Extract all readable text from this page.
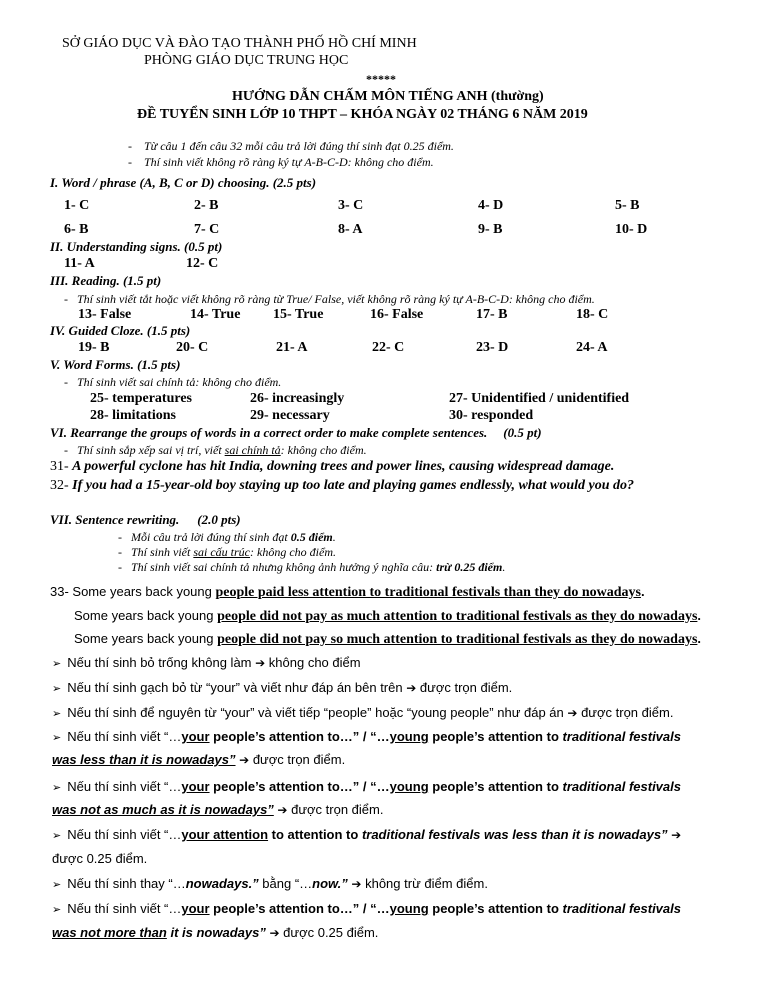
SỞ GIÁO DỤC VÀ ĐÀO TẠO THÀNH PHỐ HỒ CHÍ MINH
PHÒNG GIÁO DỤC TRUNG HỌC
*****
HƯỚNG DẪN CHẤM MÔN TIẾNG ANH (thường)
ĐỀ TUYỂN SINH LỚP 10 THPT – KHÓA NGÀY 02 THÁNG 6 NĂM 2019
-    Từ câu 1 đến câu 32 mỗi câu trả lời đúng thí sinh đạt 0.25 điểm.
-    Thí sinh viết không rõ ràng ký tự A-B-C-D: không cho điểm.
I. Word / phrase (A, B, C or D) choosing. (2.5 pts)
1- C	2- B	3- C	4- D	5- B
6- B	7- C	8- A	9- B	10- D
II. Understanding signs. (0.5 pt)
11- A	12- C
III. Reading. (1.5 pt)
-   Thí sinh viết tắt hoặc viết không rõ ràng từ True/ False, viết không rõ ràng ký tự A-B-C-D: không cho điểm.
13- False	14- True 15- True	16- False	17- B	18- C
IV. Guided Cloze. (1.5 pts)
19- B	20- C	21- A	22- C	23- D	24- A
V. Word Forms. (1.5 pts)
-   Thí sinh viết sai chính tả: không cho điểm.
25- temperatures	26- increasingly	27- Unidentified / unidentified
28- limitations	29- necessary	30- responded
VI. Rearrange the groups of words in a correct order to make complete sentences. (0.5 pt)
-   Thí sinh sắp xếp sai vị trí, viết sai chính tả: không cho điểm.
31- A powerful cyclone has hit India, downing trees and power lines, causing widespread damage.
32- If you had a 15-year-old boy staying up too late and playing games endlessly, what would you do?
VII. Sentence rewriting. (2.0 pts)
-   Mỗi câu trả lời đúng thí sinh đạt 0.5 điểm.
-   Thí sinh viết sai cấu trúc: không cho điểm.
-   Thí sinh viết sai chính tả nhưng không ảnh hưởng ý nghĩa câu: trừ 0.25 điểm.
33- Some years back young people paid less attention to traditional festivals than they do nowadays.
Some years back young people did not pay as much attention to traditional festivals as they do nowadays.
Some years back young people did not pay so much attention to traditional festivals as they do nowadays.
➢ Nếu thí sinh bỏ trống không làm ➔ không cho điểm
➢ Nếu thí sinh gạch bỏ từ “your” và viết như đáp án bên trên ➔ được trọn điểm.
➢ Nếu thí sinh để nguyên từ “your” và viết tiếp “people” hoặc “young people” như đáp án ➔ được trọn điểm.
➢ Nếu thí sinh viết “…your people’s attention to…” / “…young people’s attention to traditional festivals
was less than it is nowadays” ➔ được trọn điểm.
➢ Nếu thí sinh viết “…your people’s attention to…” / “…young people’s attention to traditional festivals
was not as much as it is nowadays” ➔ được trọn điểm.
➢ Nếu thí sinh viết “…your attention to attention to traditional festivals was less than it is nowadays” ➔
được 0.25 điểm.
➢ Nếu thí sinh thay “…nowadays.” bằng “…now.” ➔ không trừ điểm điểm.
➢ Nếu thí sinh viết “…your people’s attention to…” / “…young people’s attention to traditional festivals
was not more than it is nowadays” ➔ được 0.25 điểm.
